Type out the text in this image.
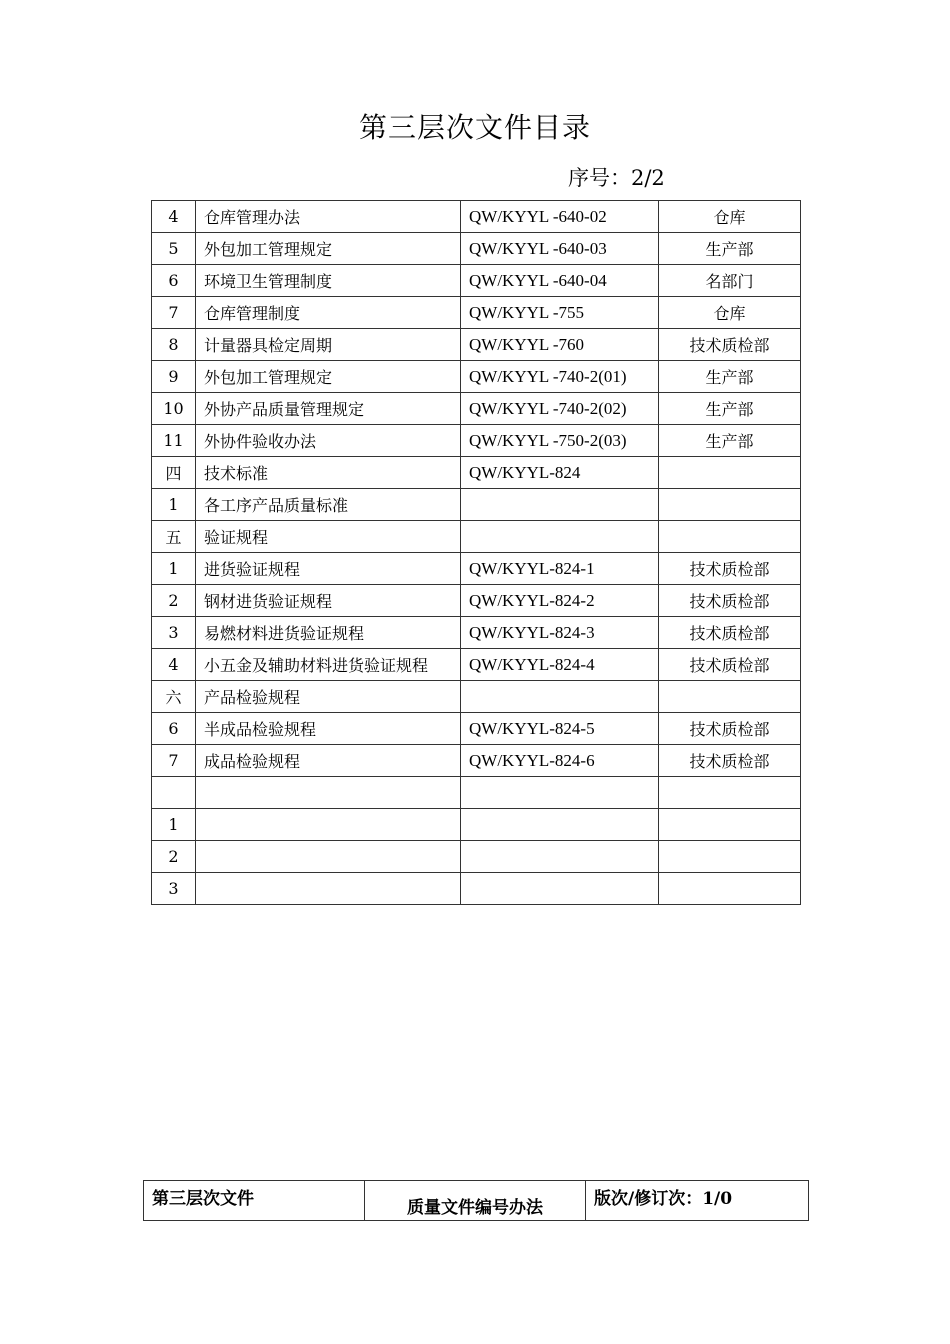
第三层次文件目录
序号：2/2
4	仓库管理办法	QW/KYYL -640-02	仓库
5	外包加工管理规定	QW/KYYL -640-03	生产部
6	环境卫生管理制度	QW/KYYL -640-04	名部门
7	仓库管理制度	QW/KYYL -755	仓库
8	计量器具检定周期	QW/KYYL -760	技术质检部
9	外包加工管理规定	QW/KYYL -740-2(01)	生产部
10	外协产品质量管理规定	QW/KYYL -740-2(02)	生产部
11	外协件验收办法	QW/KYYL -750-2(03)	生产部
四	技术标准	QW/KYYL-824	
1	各工序产品质量标准		
五	验证规程		
1	进货验证规程	QW/KYYL-824-1	技术质检部
2	钢材进货验证规程	QW/KYYL-824-2	技术质检部
3	易燃材料进货验证规程	QW/KYYL-824-3	技术质检部
4	小五金及辅助材料进货验证规程	QW/KYYL-824-4	技术质检部
六	产品检验规程		
6	半成品检验规程	QW/KYYL-824-5	技术质检部
7	成品检验规程	QW/KYYL-824-6	技术质检部

1			
2			
3			
第三层次文件	质量文件编号办法	版次/修订次：1/0
